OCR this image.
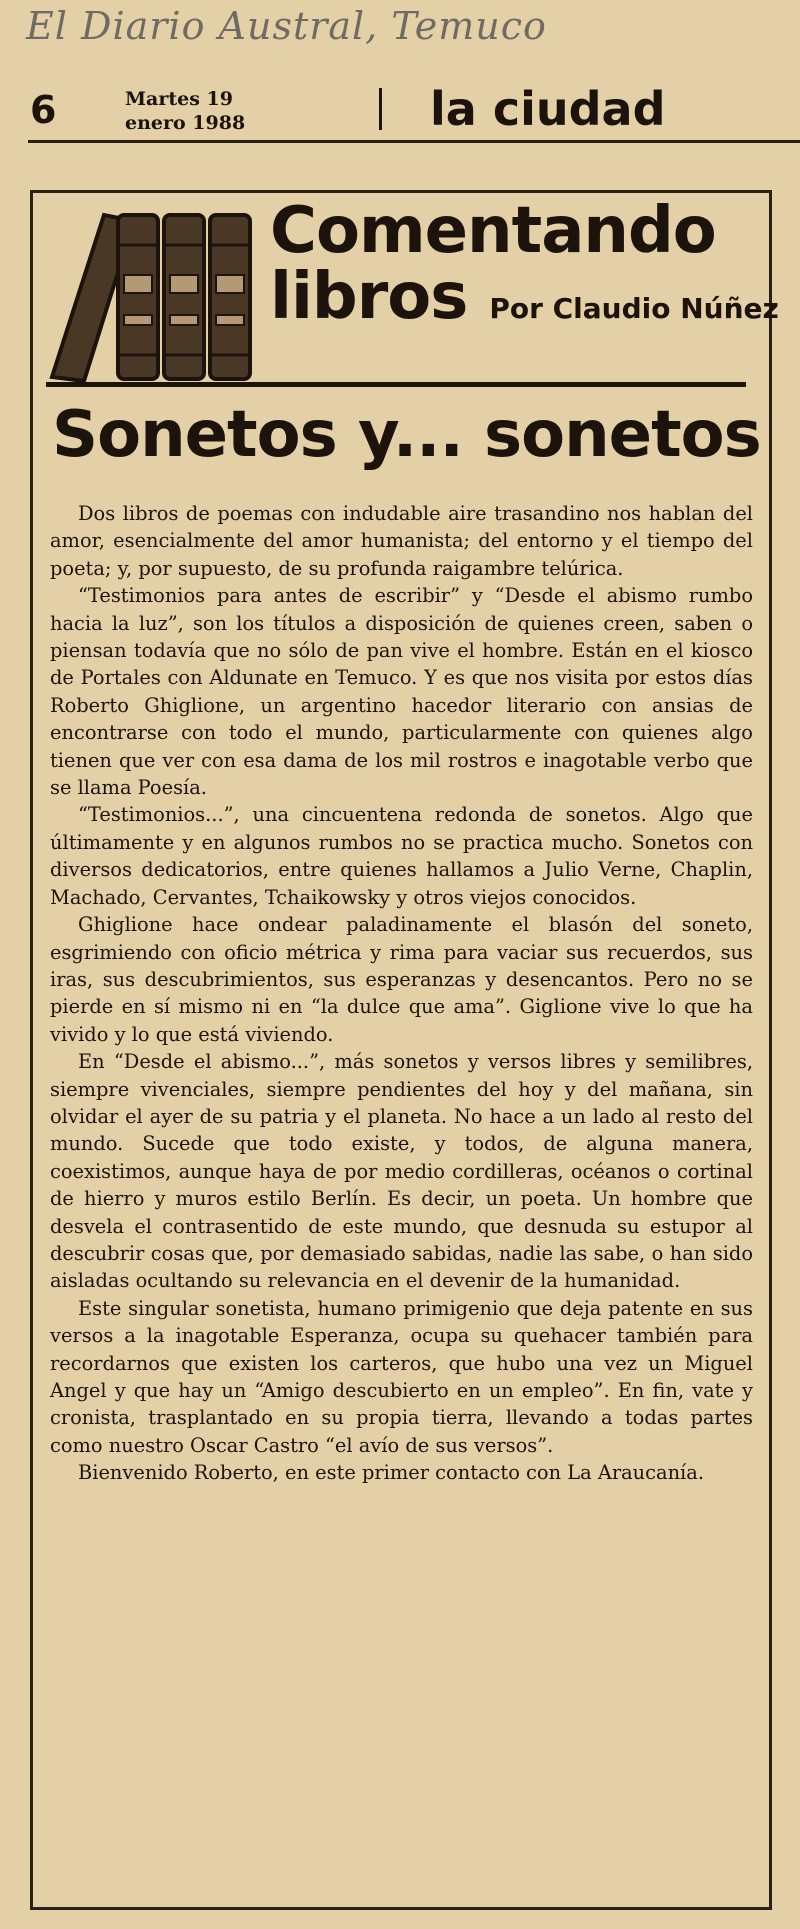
El Diario Austral, Temuco
6	Martes 19
enero 1988	la ciudad
Comentando
libros Por Claudio Núñez
Sonetos y... sonetos

Dos libros de poemas con indudable aire trasandino nos hablan del amor, esencialmente del amor humanista; del entorno y el tiempo del poeta; y, por supuesto, de su profunda raigambre telúrica.

“Testimonios para antes de escribir” y “Desde el abismo rumbo hacia la luz”, son los títulos a disposición de quienes creen, saben o piensan todavía que no sólo de pan vive el hombre. Están en el kiosco de Portales con Aldunate en Temuco. Y es que nos visita por estos días Roberto Ghiglione, un argentino hacedor literario con ansias de encontrarse con todo el mundo, particularmente con quienes algo tienen que ver con esa dama de los mil rostros e inagotable verbo que se llama Poesía.

“Testimonios...”, una cincuentena redonda de sonetos. Algo que últimamente y en algunos rumbos no se practica mucho. Sonetos con diversos dedicatorios, entre quienes hallamos a Julio Verne, Chaplin, Machado, Cervantes, Tchaikowsky y otros viejos conocidos.

Ghiglione hace ondear paladinamente el blasón del soneto, esgrimiendo con oficio métrica y rima para vaciar sus recuerdos, sus iras, sus descubrimientos, sus esperanzas y desencantos. Pero no se pierde en sí mismo ni en “la dulce que ama”. Giglione vive lo que ha vivido y lo que está viviendo.

En “Desde el abismo...”, más sonetos y versos libres y semilibres, siempre vivenciales, siempre pendientes del hoy y del mañana, sin olvidar el ayer de su patria y el planeta. No hace a un lado al resto del mundo. Sucede que todo existe, y todos, de alguna manera, coexistimos, aunque haya de por medio cordilleras, océanos o cortinal de hierro y muros estilo Berlín. Es decir, un poeta. Un hombre que desvela el contrasentido de este mundo, que desnuda su estupor al descubrir cosas que, por demasiado sabidas, nadie las sabe, o han sido aisladas ocultando su relevancia en el devenir de la humanidad.

Este singular sonetista, humano primigenio que deja patente en sus versos a la inagotable Esperanza, ocupa su quehacer también para recordarnos que existen los carteros, que hubo una vez un Miguel Angel y que hay un “Amigo descubierto en un empleo”. En fin, vate y cronista, trasplantado en su propia tierra, llevando a todas partes como nuestro Oscar Castro “el avío de sus versos”.

Bienvenido Roberto, en este primer contacto con La Araucanía.
